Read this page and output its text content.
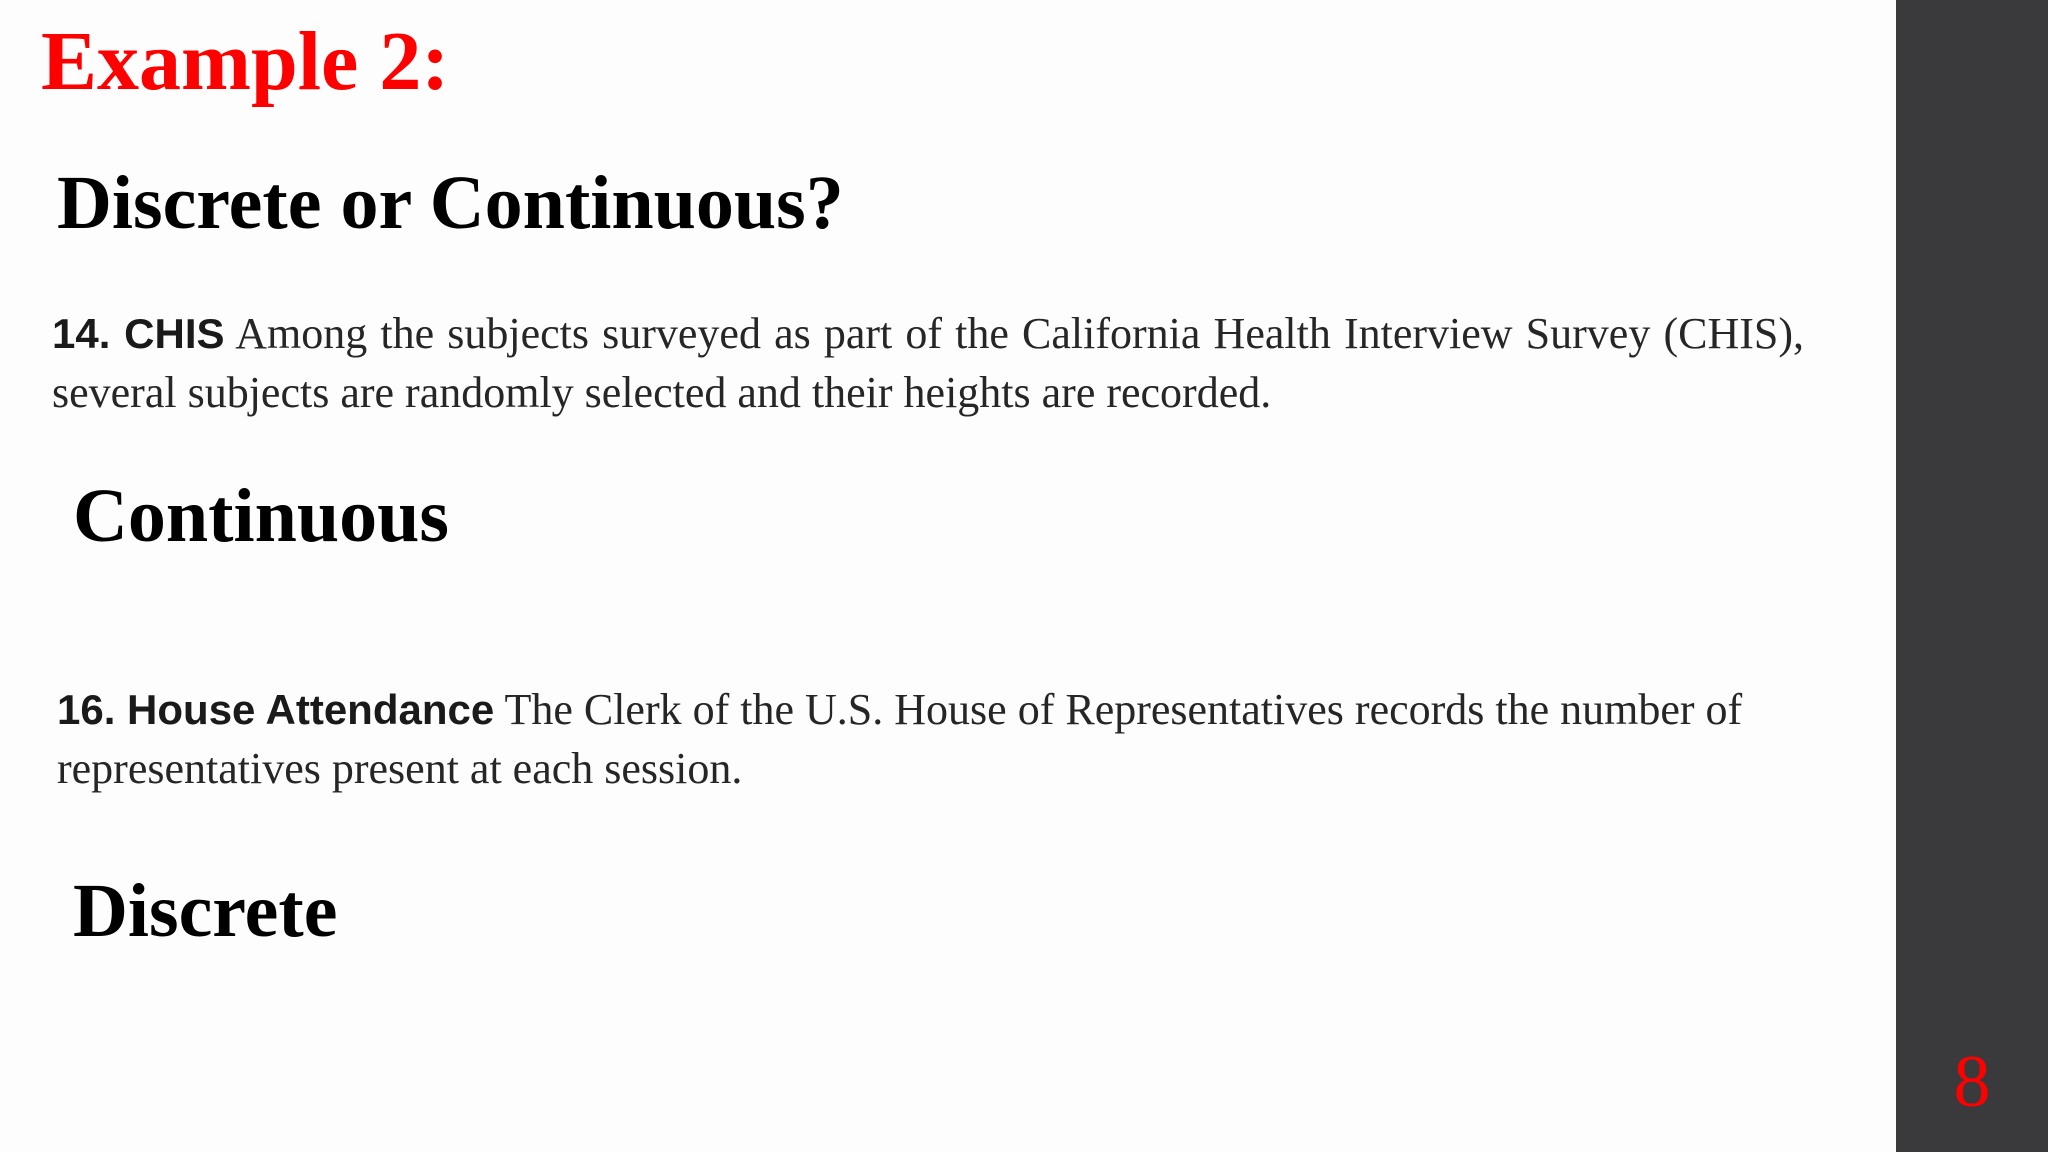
Example 2:
Discrete or Continuous?

14. CHIS Among the subjects surveyed as part of the California Health Interview Survey (CHIS), several subjects are randomly selected and their heights are recorded.

Continuous

16. House Attendance The Clerk of the U.S. House of Representatives records the number of representatives present at each session.

Discrete
8
